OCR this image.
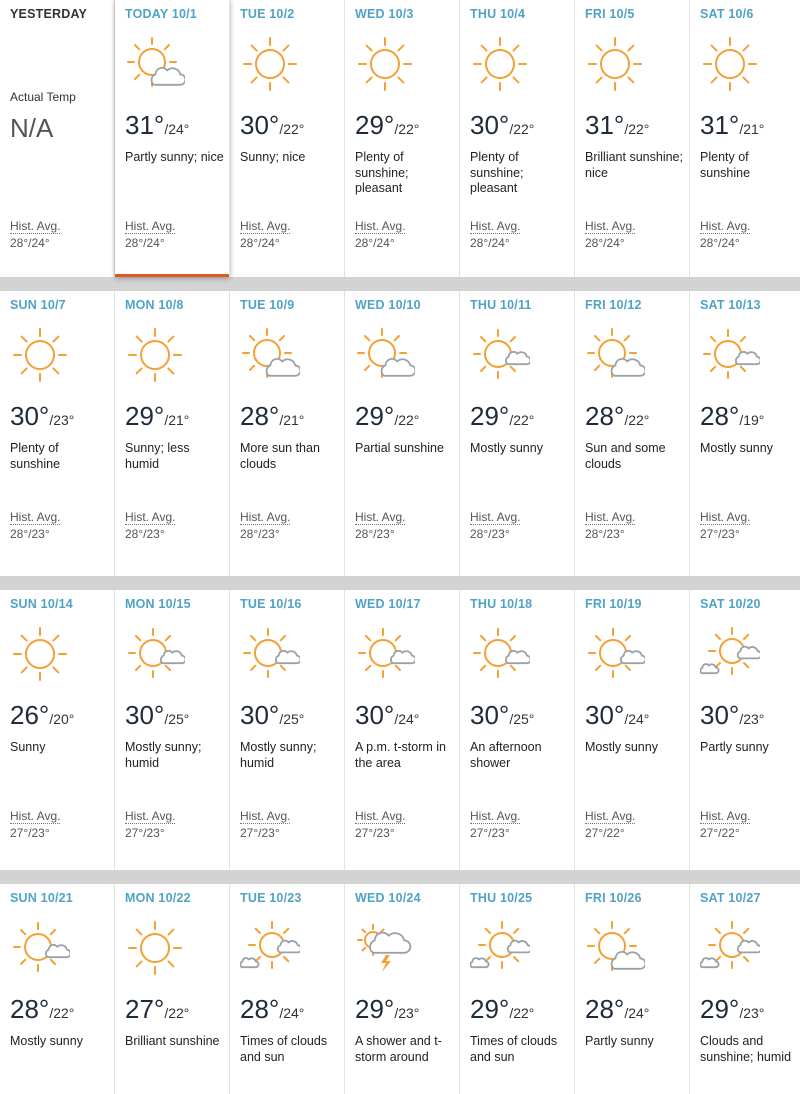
YESTERDAY
Actual Temp
N/A
Hist. Avg.
28°/24°
TODAY 10/1
31°/24°
Partly sunny; nice
Hist. Avg.
28°/24°
TUE 10/2
30°/22°
Sunny; nice
Hist. Avg.
28°/24°
WED 10/3
29°/22°
Plenty of sunshine; pleasant
Hist. Avg.
28°/24°
THU 10/4
30°/22°
Plenty of sunshine; pleasant
Hist. Avg.
28°/24°
FRI 10/5
31°/22°
Brilliant sunshine; nice
Hist. Avg.
28°/24°
SAT 10/6
31°/21°
Plenty of sunshine
Hist. Avg.
28°/24°
SUN 10/7
30°/23°
Plenty of sunshine
Hist. Avg.
28°/23°
MON 10/8
29°/21°
Sunny; less humid
Hist. Avg.
28°/23°
TUE 10/9
28°/21°
More sun than clouds
Hist. Avg.
28°/23°
WED 10/10
29°/22°
Partial sunshine
Hist. Avg.
28°/23°
THU 10/11
29°/22°
Mostly sunny
Hist. Avg.
28°/23°
FRI 10/12
28°/22°
Sun and some clouds
Hist. Avg.
28°/23°
SAT 10/13
28°/19°
Mostly sunny
Hist. Avg.
27°/23°
SUN 10/14
26°/20°
Sunny
Hist. Avg.
27°/23°
MON 10/15
30°/25°
Mostly sunny; humid
Hist. Avg.
27°/23°
TUE 10/16
30°/25°
Mostly sunny; humid
Hist. Avg.
27°/23°
WED 10/17
30°/24°
A p.m. t-storm in the area
Hist. Avg.
27°/23°
THU 10/18
30°/25°
An afternoon shower
Hist. Avg.
27°/23°
FRI 10/19
30°/24°
Mostly sunny
Hist. Avg.
27°/22°
SAT 10/20
30°/23°
Partly sunny
Hist. Avg.
27°/22°
SUN 10/21
28°/22°
Mostly sunny
MON 10/22
27°/22°
Brilliant sunshine
TUE 10/23
28°/24°
Times of clouds and sun
WED 10/24
29°/23°
A shower and t-storm around
THU 10/25
29°/22°
Times of clouds and sun
FRI 10/26
28°/24°
Partly sunny
SAT 10/27
29°/23°
Clouds and sunshine; humid
